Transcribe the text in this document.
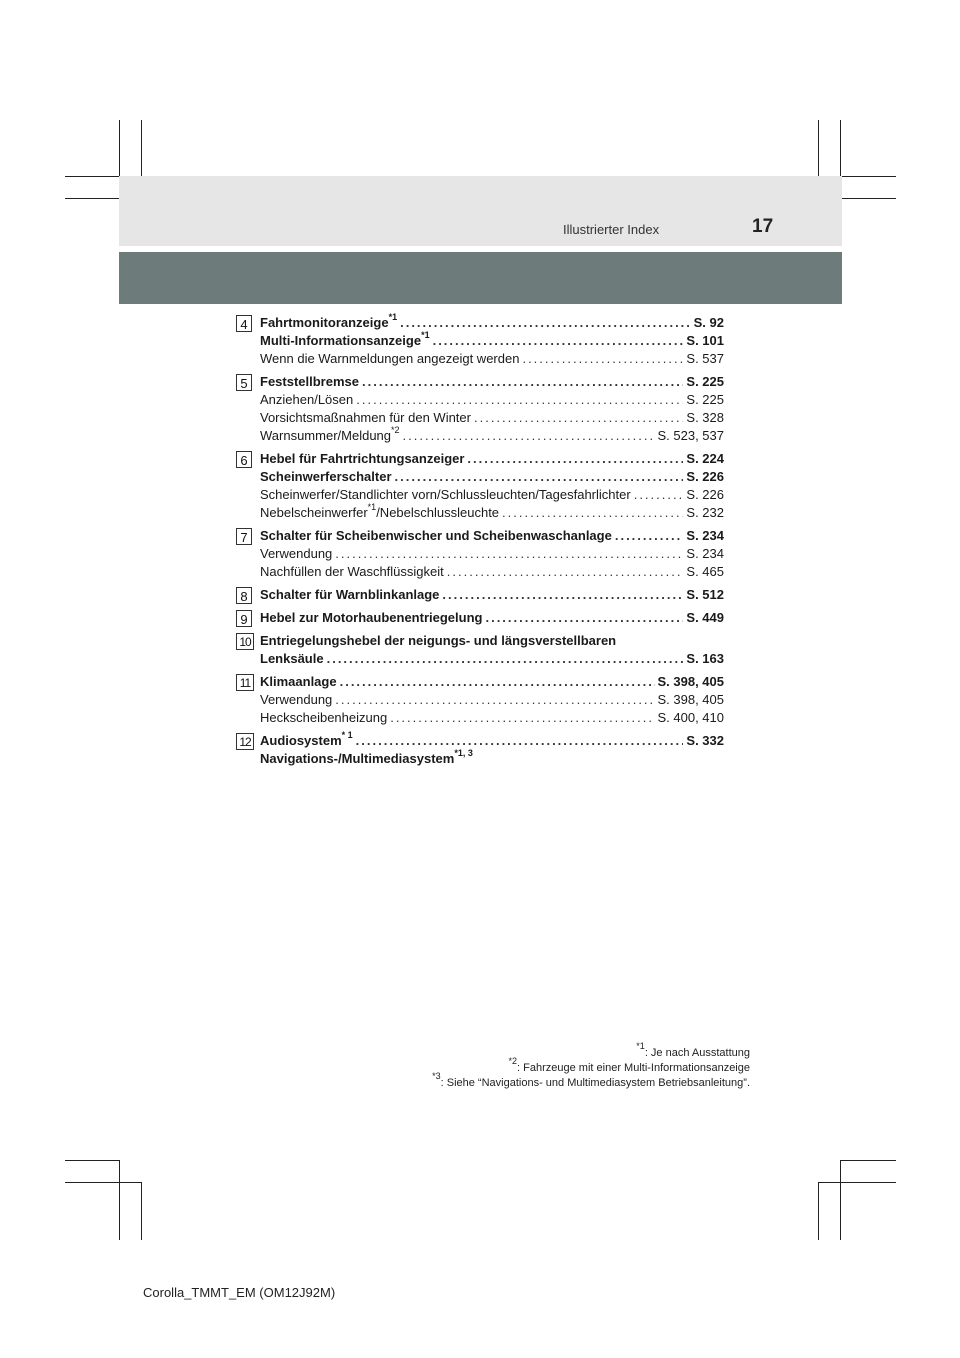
Illustrierter Index	17
4 Fahrtmonitoranzeige$^{*1}$ .....	S. 92
Multi-Informationsanzeige$^{*1}$ .....	S. 101
Wenn die Warnmeldungen angezeigt werden .....	S. 537
5 Feststellbremse .....	S. 225
Anziehen/Lösen .....	S. 225
Vorsichtsmaßnahmen für den Winter .....	S. 328
Warnsummer/Meldung$^{*2}$ .....	S. 523, 537
6 Hebel für Fahrtrichtungsanzeiger .....	S. 224
Scheinwerferschalter .....	S. 226
Scheinwerfer/Standlichter vorn/Schlussleuchten/Tagesfahrlichter .....	S. 226
Nebelscheinwerfer$^{*1}$/Nebelschlussleuchte .....	S. 232
7 Schalter für Scheibenwischer und Scheibenwaschanlage .....	S. 234
Verwendung .....	S. 234
Nachfüllen der Waschflüssigkeit .....	S. 465
8 Schalter für Warnblinkanlage .....	S. 512
9 Hebel zur Motorhaubenentriegelung .....	S. 449
10 Entriegelungshebel der neigungs- und längsverstellbaren
Lenksäule .....	S. 163
11 Klimaanlage .....	S. 398, 405
Verwendung .....	S. 398, 405
Heckscheibenheizung .....	S. 400, 410
12 Audiosystem$^{* 1}$ .....	S. 332
Navigations-/Multimediasystem$^{*1, 3}$
$^{*1}$: Je nach Ausstattung
$^{*2}$: Fahrzeuge mit einer Multi-Informationsanzeige
$^{*3}$: Siehe “Navigations- und Multimediasystem Betriebsanleitung”.
Corolla_TMMT_EM (OM12J92M)
